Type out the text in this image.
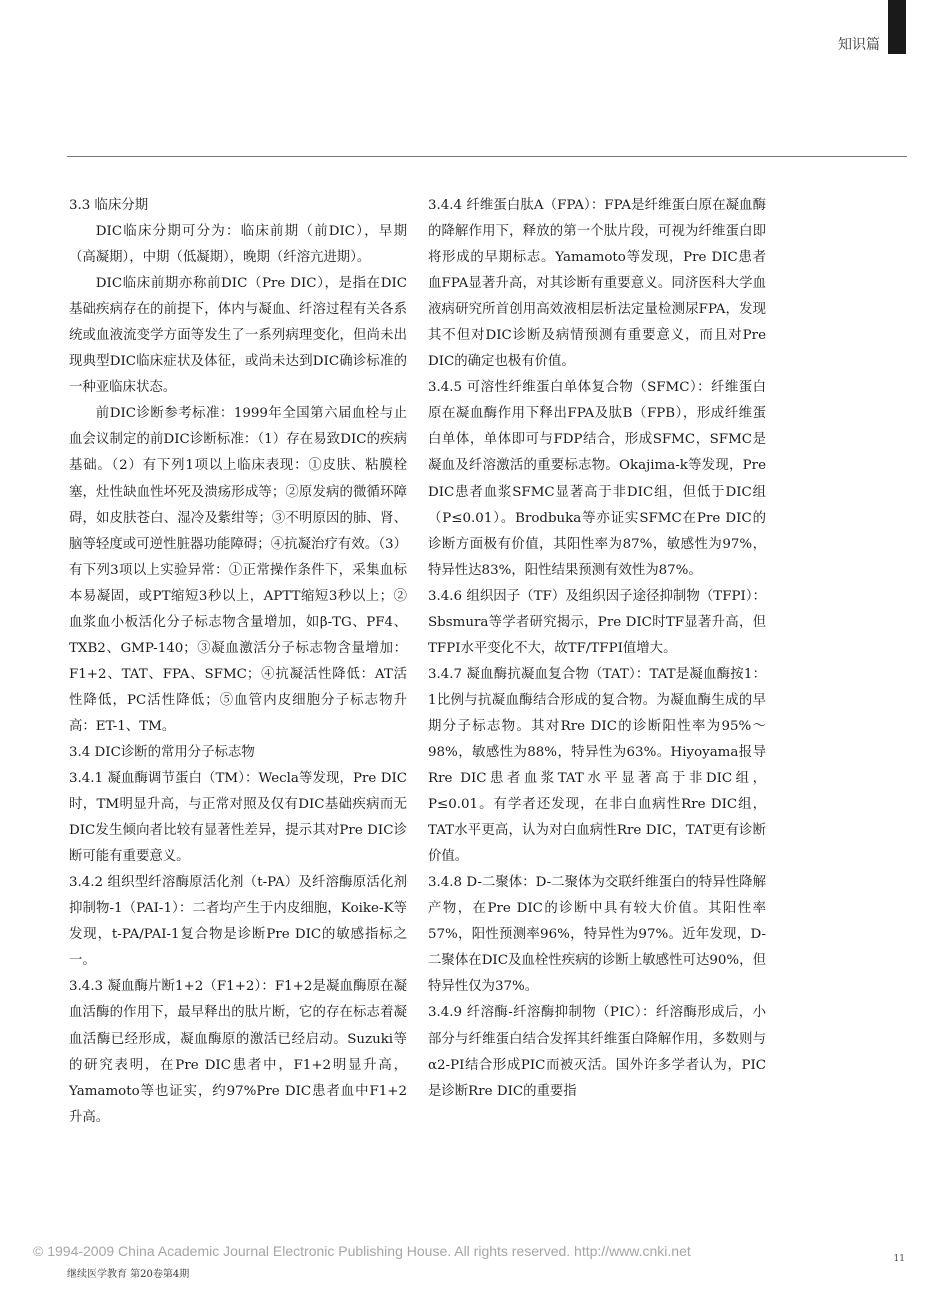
知识篇

3.3 临床分期

DIC临床分期可分为：临床前期（前DIC），早期（高凝期），中期（低凝期），晚期（纤溶亢进期）。

DIC临床前期亦称前DIC（Pre DIC），是指在DIC基础疾病存在的前提下，体内与凝血、纤溶过程有关各系统或血液流变学方面等发生了一系列病理变化，但尚未出现典型DIC临床症状及体征，或尚未达到DIC确诊标准的一种亚临床状态。

前DIC诊断参考标准：1999年全国第六届血栓与止血会议制定的前DIC诊断标准：（1）存在易致DIC的疾病基础。（2）有下列1项以上临床表现：①皮肤、粘膜栓塞，灶性缺血性坏死及溃疡形成等；②原发病的微循环障碍，如皮肤苍白、湿冷及紫绀等；③不明原因的肺、肾、脑等轻度或可逆性脏器功能障碍；④抗凝治疗有效。（3）有下列3项以上实验异常：①正常操作条件下，采集血标本易凝固，或PT缩短3秒以上，APTT缩短3秒以上；②血浆血小板活化分子标志物含量增加，如β-TG、PF4、TXB2、GMP-140；③凝血激活分子标志物含量增加：F1+2、TAT、FPA、SFMC；④抗凝活性降低：AT活性降低，PC活性降低；⑤血管内皮细胞分子标志物升高：ET-1、TM。

3.4 DIC诊断的常用分子标志物

3.4.1 凝血酶调节蛋白（TM）：Wecla等发现，Pre DIC时，TM明显升高，与正常对照及仅有DIC基础疾病而无DIC发生倾向者比较有显著性差异，提示其对Pre DIC诊断可能有重要意义。

3.4.2 组织型纤溶酶原活化剂（t-PA）及纤溶酶原活化剂抑制物-1（PAI-1）：二者均产生于内皮细胞，Koike-K等发现，t-PA/PAI-1复合物是诊断Pre DIC的敏感指标之一。

3.4.3 凝血酶片断1+2（F1+2）：F1+2是凝血酶原在凝血活酶的作用下，最早释出的肽片断，它的存在标志着凝血活酶已经形成，凝血酶原的激活已经启动。Suzuki等的研究表明，在Pre DIC患者中，F1+2明显升高，Yamamoto等也证实，约97%Pre DIC患者血中F1+2升高。

3.4.4 纤维蛋白肽A（FPA）：FPA是纤维蛋白原在凝血酶的降解作用下，释放的第一个肽片段，可视为纤维蛋白即将形成的早期标志。Yamamoto等发现，Pre DIC患者血FPA显著升高，对其诊断有重要意义。同济医科大学血液病研究所首创用高效液相层析法定量检测尿FPA，发现其不但对DIC诊断及病情预测有重要意义，而且对Pre DIC的确定也极有价值。

3.4.5 可溶性纤维蛋白单体复合物（SFMC）：纤维蛋白原在凝血酶作用下释出FPA及肽B（FPB），形成纤维蛋白单体，单体即可与FDP结合，形成SFMC，SFMC是凝血及纤溶激活的重要标志物。Okajima-k等发现，Pre DIC患者血浆SFMC显著高于非DIC组，但低于DIC组（P≤0.01）。Brodbuka等亦证实SFMC在Pre DIC的诊断方面极有价值，其阳性率为87%，敏感性为97%，特异性达83%，阳性结果预测有效性为87%。

3.4.6 组织因子（TF）及组织因子途径抑制物（TFPI）：Sbsmura等学者研究揭示，Pre DIC时TF显著升高，但TFPI水平变化不大，故TF/TFPI值增大。

3.4.7 凝血酶抗凝血复合物（TAT）：TAT是凝血酶按1：1比例与抗凝血酶结合形成的复合物。为凝血酶生成的早期分子标志物。其对Rre DIC的诊断阳性率为95%～98%，敏感性为88%，特异性为63%。Hiyoyama报导Rre DIC患者血浆TAT水平显著高于非DIC组，P≤0.01。有学者还发现，在非白血病性Rre DIC组，TAT水平更高，认为对白血病性Rre DIC，TAT更有诊断价值。

3.4.8 D-二聚体：D-二聚体为交联纤维蛋白的特异性降解产物，在Pre DIC的诊断中具有较大价值。其阳性率57%，阳性预测率96%，特异性为97%。近年发现，D-二聚体在DIC及血栓性疾病的诊断上敏感性可达90%，但特异性仅为37%。

3.4.9 纤溶酶-纤溶酶抑制物（PIC）：纤溶酶形成后，小部分与纤维蛋白结合发挥其纤维蛋白降解作用，多数则与α2-PI结合形成PIC而被灭活。国外许多学者认为，PIC是诊断Rre DIC的重要指

© 1994-2009 China Academic Journal Electronic Publishing House. All rights reserved. http://www.cnki.net
继续医学教育 第20卷第4期
11
